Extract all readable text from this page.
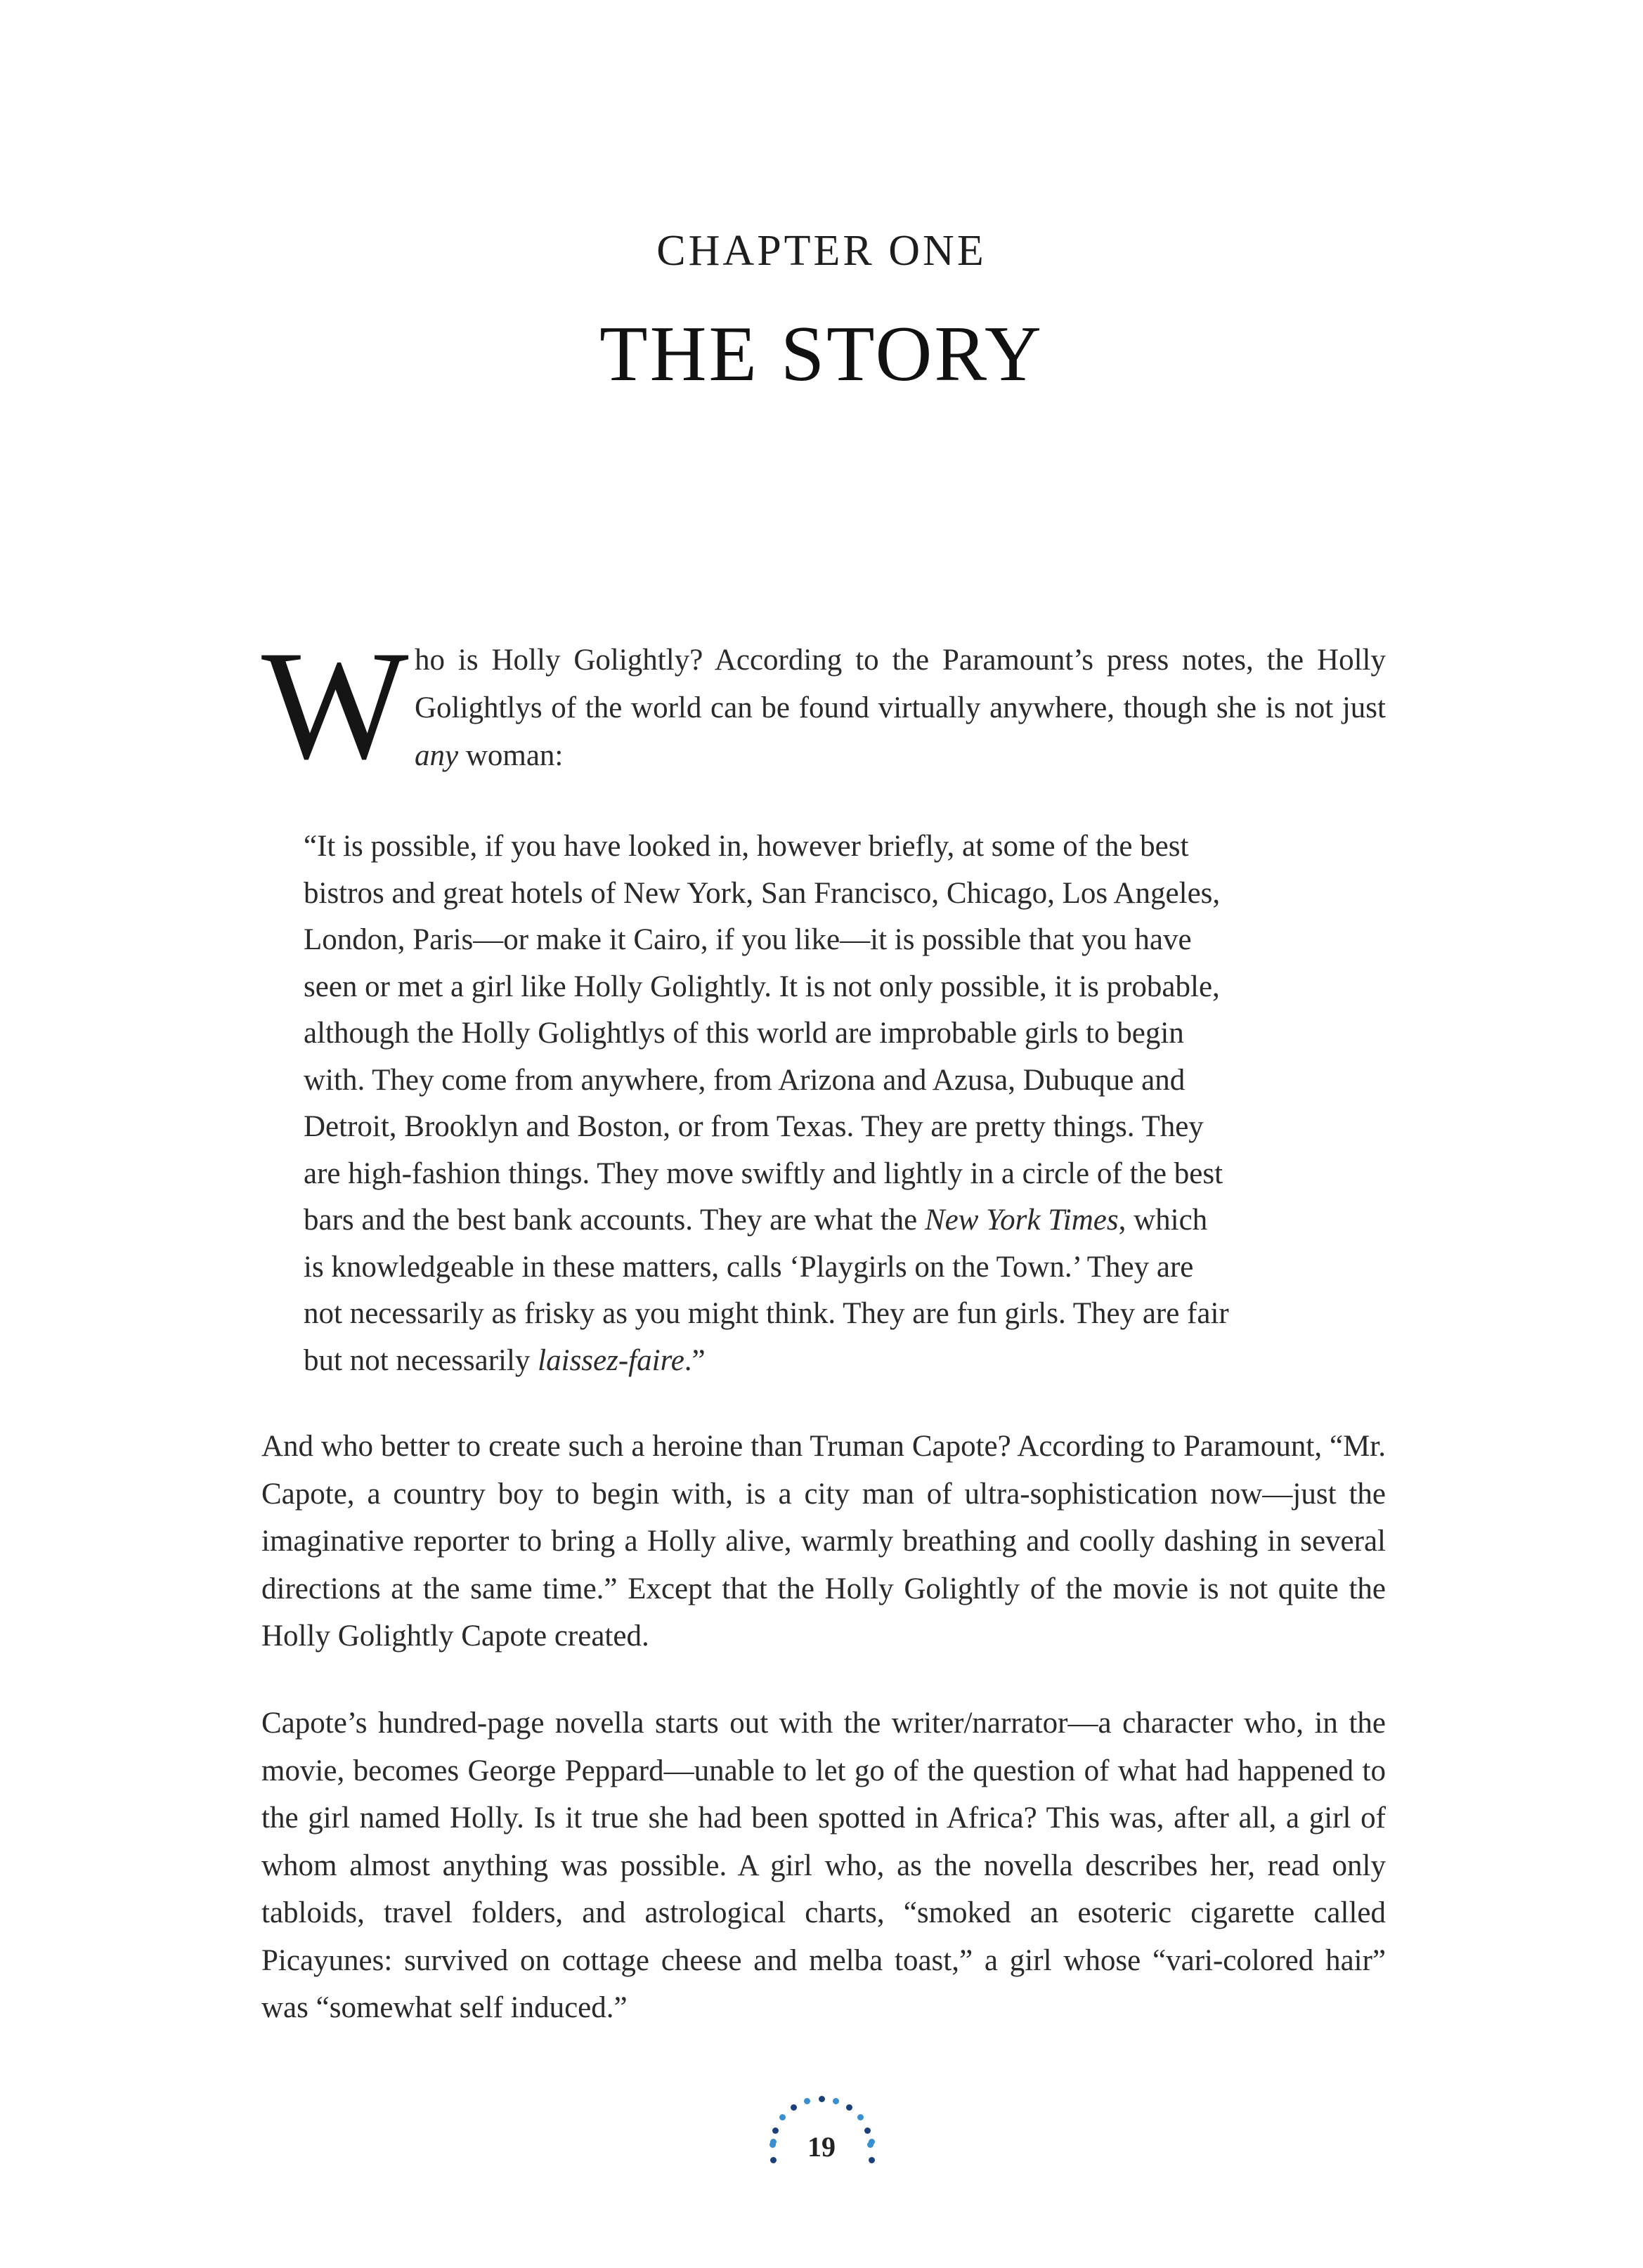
CHAPTER ONE
THE STORY
W ho is Holly Golightly? According to the Paramount’s press notes, the Holly Golightlys of the world can be found virtually anywhere, though she is not just any woman:
“It is possible, if you have looked in, however briefly, at some of the best
bistros and great hotels of New York, San Francisco, Chicago, Los Angeles,
London, Paris—or make it Cairo, if you like—it is possible that you have
seen or met a girl like Holly Golightly. It is not only possible, it is probable,
although the Holly Golightlys of this world are improbable girls to begin
with. They come from anywhere, from Arizona and Azusa, Dubuque and
Detroit, Brooklyn and Boston, or from Texas. They are pretty things. They
are high-fashion things. They move swiftly and lightly in a circle of the best
bars and the best bank accounts. They are what the New York Times, which
is knowledgeable in these matters, calls ‘Playgirls on the Town.’ They are
not necessarily as frisky as you might think. They are fun girls. They are fair
but not necessarily laissez-faire.”
And who better to create such a heroine than Truman Capote? According to Paramount, “Mr. Capote, a country boy to begin with, is a city man of ultra-sophistication now—just the imaginative reporter to bring a Holly alive, warmly breathing and coolly dashing in several directions at the same time.” Except that the Holly Golightly of the movie is not quite the Holly Golightly Capote created.
Capote’s hundred-page novella starts out with the writer/narrator—a character who, in the movie, becomes George Peppard—unable to let go of the question of what had happened to the girl named Holly. Is it true she had been spotted in Africa? This was, after all, a girl of whom almost anything was possible. A girl who, as the novella describes her, read only tabloids, travel folders, and astrological charts, “smoked an esoteric cigarette called Picayunes: survived on cottage cheese and melba toast,” a girl whose “vari-colored hair” was “somewhat self induced.”
19
